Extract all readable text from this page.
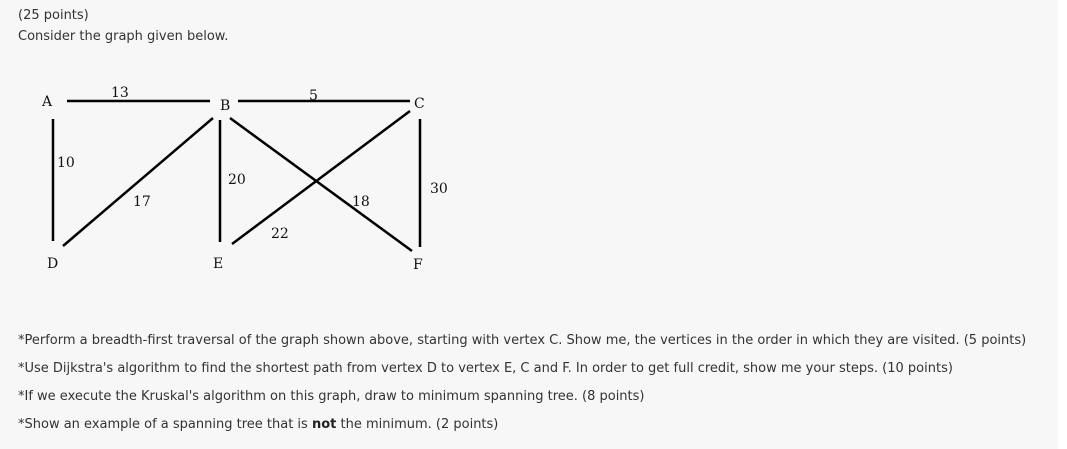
(25 points)
Consider the graph given below.
A	B	C
D	E	F
13	5
10
17
20
18
22
30
*Perform a breadth-first traversal of the graph shown above, starting with vertex C. Show me, the vertices in the order in which they are visited. (5 points)
*Use Dijkstra's algorithm to find the shortest path from vertex D to vertex E, C and F. In order to get full credit, show me your steps. (10 points)
*If we execute the Kruskal's algorithm on this graph, draw to minimum spanning tree. (8 points)
*Show an example of a spanning tree that is not the minimum. (2 points)
